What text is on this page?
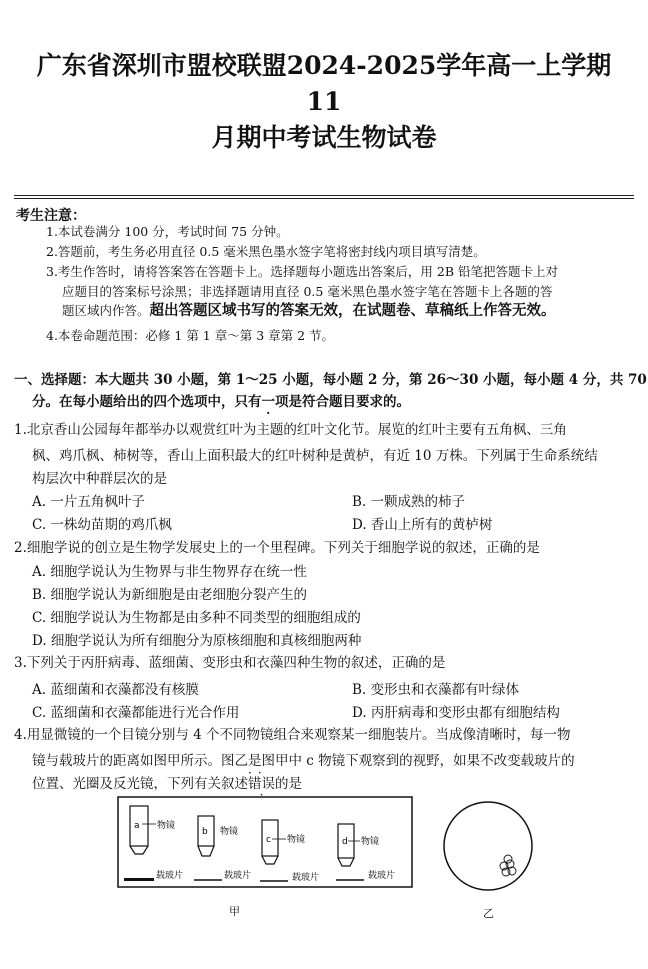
广东省深圳市盟校联盟2024-2025学年高一上学期11
月期中考试生物试卷
考生注意：
1.本试卷满分 100 分，考试时间 75 分钟。
2.答题前，考生务必用直径 0.5 毫米黑色墨水签字笔将密封线内项目填写清楚。
3.考生作答时，请将答案答在答题卡上。选择题每小题选出答案后，用 2B 铅笔把答题卡上对
应题目的答案标号涂黑；非选择题请用直径 0.5 毫米黑色墨水签字笔在答题卡上各题的答
题区域内作答。超出答题区域书写的答案无效，在试题卷、草稿纸上作答无效。
4.本卷命题范围：必修 1 第 1 章～第 3 章第 2 节。
一、选择题：本大题共 30 小题，第 1～25 小题，每小题 2 分，第 26～30 小题，每小题 4 分，共 70
分。在每小题给出的四个选项中，只有一项是符合题目要求的。
1.北京香山公园每年都举办以观赏红叶为主题的红叶文化节。展览的红叶主要有五角枫、三角
枫、鸡爪枫、柿树等，香山上面积最大的红叶树种是黄栌，有近 10 万株。下列属于生命系统结
构层次中种群层次的是
A. 一片五角枫叶子	B. 一颗成熟的柿子
C. 一株幼苗期的鸡爪枫	D. 香山上所有的黄栌树
2.细胞学说的创立是生物学发展史上的一个里程碑。下列关于细胞学说的叙述，正确的是
A. 细胞学说认为生物界与非生物界存在统一性
B. 细胞学说认为新细胞是由老细胞分裂产生的
C. 细胞学说认为生物都是由多种不同类型的细胞组成的
D. 细胞学说认为所有细胞分为原核细胞和真核细胞两种
3.下列关于丙肝病毒、蓝细菌、变形虫和衣藻四种生物的叙述，正确的是
A. 蓝细菌和衣藻都没有核膜	B. 变形虫和衣藻都有叶绿体
C. 蓝细菌和衣藻都能进行光合作用	D. 丙肝病毒和变形虫都有细胞结构
4.用显微镜的一个目镜分别与 4 个不同物镜组合来观察某一细胞装片。当成像清晰时，每一物
镜与载玻片的距离如图甲所示。图乙是图甲中 c 物镜下观察到的视野，如果不改变载玻片的
位置、光圈及反光镜，下列有关叙述错误
··
·的是
a 物镜
载玻片
b 物镜
载玻片
c 物镜
载玻片
d 物镜
载玻片
甲	乙
